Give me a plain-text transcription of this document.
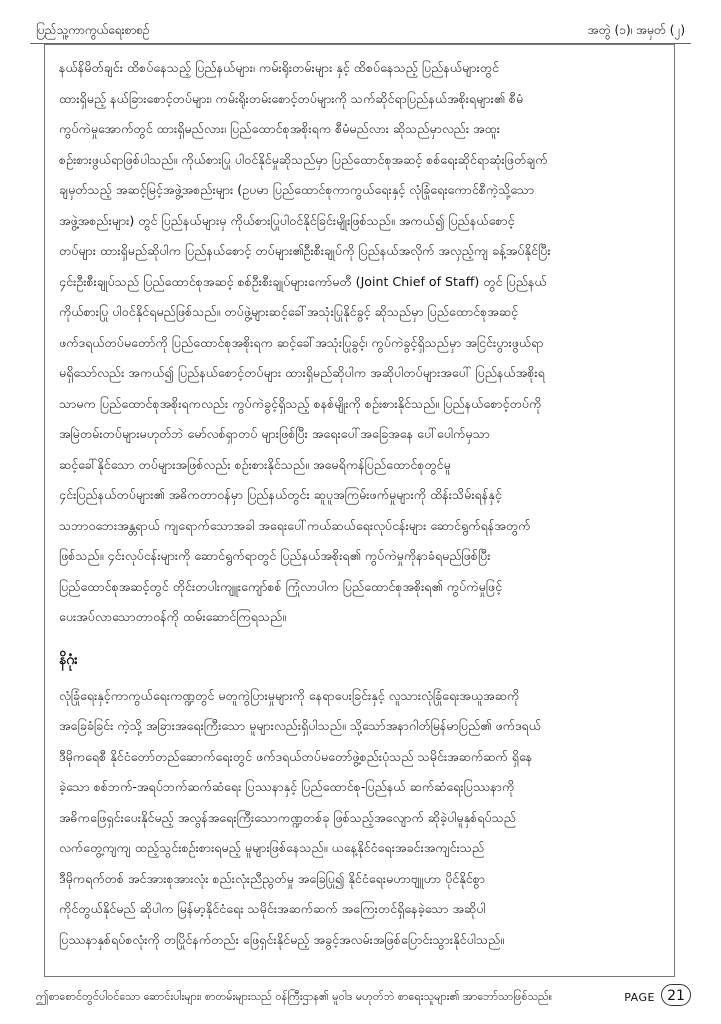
ပြည်သူ့ကာကွယ်ရေးစာစဉ်	အတွဲ (၁)၊ အမှတ် (၂)

နယ်နိမိတ်ချင်း ထိစပ်နေသည့် ပြည်နယ်များ၊ ကမ်းရိုးတမ်းများ နှင့် ထိစပ်နေသည့် ပြည်နယ်များတွင်

ထားရှိမည့် နယ်ခြားစောင့်တပ်များ၊ ကမ်းရိုးတမ်းစောင့်တပ်များကို သက်ဆိုင်ရာပြည်နယ်အစိုးရများ၏ စီမံ

ကွပ်ကဲမှုအောက်တွင် ထားရှိမည်လား၊ ပြည်ထောင်စုအစိုးရက စီမံမည်လား ဆိုသည်မှာလည်း အထူး

စဉ်းစားဖွယ်ရာဖြစ်ပါသည်။ ကိုယ်စားပြု ပါဝင်နိုင်မှုဆိုသည်မှာ ပြည်ထောင်စုအဆင့် စစ်ရေးဆိုင်ရာဆုံးဖြတ်ချက်

ချမှတ်သည့် အဆင့်မြင့်အဖွဲ့အစည်းများ (ဥပမာ ပြည်ထောင်စုကာကွယ်ရေးနှင့် လုံခြုံရေးကောင်စီကဲ့သို့သော

အဖွဲ့အစည်းများ) တွင် ပြည်နယ်များမှ ကိုယ်စားပြုပါဝင်နိုင်ခြင်းမျိုးဖြစ်သည်။ အကယ်၍ ပြည်နယ်စောင့်

တပ်များ ထားရှိမည်ဆိုပါက ပြည်နယ်စောင့် တပ်များ၏ဦးစီးချုပ်ကို ပြည်နယ်အလိုက် အလှည့်ကျ ခန့်အပ်နိုင်ပြီး

၄င်းဦးစီးချုပ်သည် ပြည်ထောင်စုအဆင့် စစ်ဦးစီးချုပ်များကော်မတီ (Joint Chief of Staff) တွင် ပြည်နယ်

ကိုယ်စားပြု ပါဝင်နိုင်ရမည်ဖြစ်သည်။ တပ်ဖွဲ့များဆင့်ခေါ်အသုံးပြုနိုင်ခွင့် ဆိုသည်မှာ ပြည်ထောင်စုအဆင့်

ဖက်ဒရယ်တပ်မတော်ကို ပြည်ထောင်စုအစိုးရက ဆင့်ခေါ်အသုံးပြုခွင့်၊ ကွပ်ကဲခွင့်ရှိသည်မှာ အငြင်းပွားဖွယ်ရာ

မရှိသော်လည်း အကယ်၍ ပြည်နယ်စောင့်တပ်များ ထားရှိမည်ဆိုပါက အဆိုပါတပ်များအပေါ် ပြည်နယ်အစိုးရ

သာမက ပြည်ထောင်စုအစိုးရကလည်း ကွပ်ကဲခွင့်ရှိသည့် စနစ်မျိုးကို စဉ်းစားနိုင်သည်။ ပြည်နယ်စောင့်တပ်ကို

အမြဲတမ်းတပ်များမဟုတ်ဘဲ မော်လစ်ရှာတပ် များဖြစ်ပြီး အရေးပေါ်အခြေအနေ ပေါ်ပေါက်မှသာ

ဆင့်ခေါ်နိုင်သော တပ်များအဖြစ်လည်း စဉ်းစားနိုင်သည်။ အမေရိကန်ပြည်ထောင်စုတွင်မူ

၄င်းပြည်နယ်တပ်များ၏ အဓိကတာဝန်မှာ ပြည်နယ်တွင်း ဆူပူအကြမ်းဖက်မှုများကို ထိန်းသိမ်းရန်နှင့်

သဘာဝဘေးအန္တရာယ် ကျရောက်သောအခါ အရေးပေါ်ကယ်ဆယ်ရေးလုပ်ငန်းများ ဆောင်ရွက်ရန်အတွက်

ဖြစ်သည်။ ၄င်းလုပ်ငန်းများကို ဆောင်ရွက်ရာတွင် ပြည်နယ်အစိုးရ၏ ကွပ်ကဲမှုကိုနာခံရမည်ဖြစ်ပြီး

ပြည်ထောင်စုအဆင့်တွင် တိုင်းတပါးကျူးကျော်စစ် ကြုံလာပါက ပြည်ထောင်စုအစိုးရ၏ ကွပ်ကဲမှုဖြင့်

ပေးအပ်လာသောတာဝန်ကို ထမ်းဆောင်ကြရသည်။

နိဂုံး

လုံခြုံရေးနှင့်ကာကွယ်ရေးကဏ္ဍတွင် မတူကွဲပြားမှုများကို နေရာပေးခြင်းနှင့် လူသားလုံခြုံရေးအယူအဆကို

အခြေခံခြင်း ကဲ့သို့ အခြားအရေးကြီးသော မူများလည်းရှိပါသည်။ သို့သော်အနာဂါတ်မြန်မာပြည်၏ ဖက်ဒရယ်

ဒီမိုကရေစီ နိုင်ငံတော်တည်ဆောက်ရေးတွင် ဖက်ဒရယ်တပ်မတော်ဖွဲ့စည်းပုံသည် သမိုင်းအဆက်ဆက် ရှိနေ

ခဲ့သော စစ်ဘက်-အရပ်ဘက်ဆက်ဆံရေး ပြဿနာနှင့် ပြည်ထောင်စု-ပြည်နယ် ဆက်ဆံရေးပြဿနာကို

အဓိကဖြေရှင်းပေးနိုင်မည့် အလွန်အရေးကြီးသောကဏ္ဍတစ်ခု ဖြစ်သည့်အလျောက် ဆိုခဲ့ပါမူနှစ်ရပ်သည်

လက်တွေ့ကျကျ ထည့်သွင်းစဉ်းစားရမည့် မူများဖြစ်နေသည်။ ယနေ့နိုင်ငံရေးအခင်းအကျင်းသည်

ဒီမိုကရက်တစ် အင်အားစုအားလုံး စည်းလုံးညီညွတ်မှု အခြေပြု၍ နိုင်ငံရေးမဟာဗျူဟာ ပိုင်နိုင်စွာ

ကိုင်တွယ်နိုင်မည် ဆိုပါက မြန်မာ့နိုင်ငံရေး သမိုင်းအဆက်ဆက် အကြေးတင်ရှိနေခဲ့သော အဆိုပါ

ပြဿနာနှစ်ရပ်စလုံးကို တပြိုင်နက်တည်း ဖြေရှင်းနိုင်မည့် အခွင့်အလမ်းအဖြစ်ပြောင်းသွားနိုင်ပါသည်။

ဤစာစောင်တွင်ပါဝင်သော ဆောင်းပါးများ၊ စာတမ်းများသည် ဝန်ကြီးဌာန၏ မူဝါဒ မဟုတ်ဘဲ စာရေးသူများ၏ အာဘော်သာဖြစ်သည်။	PAGE 21
